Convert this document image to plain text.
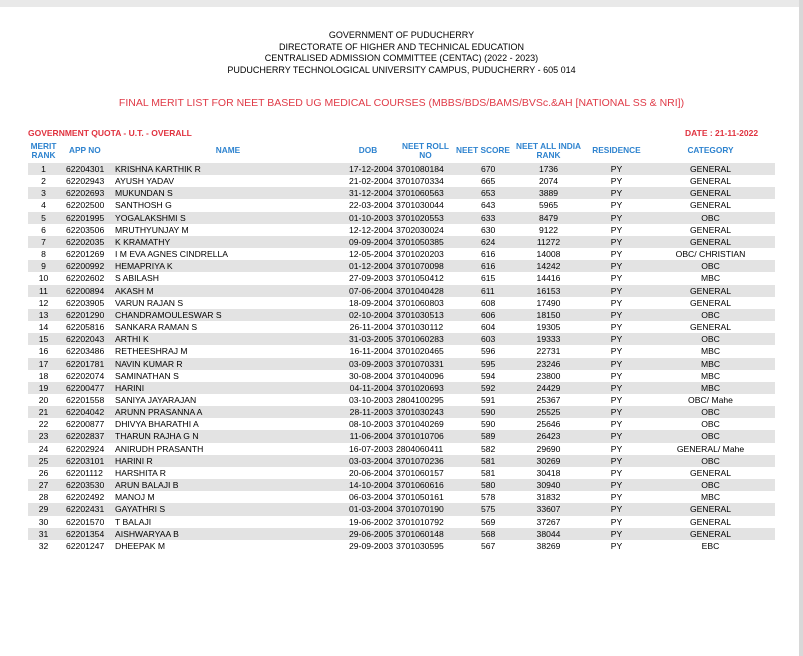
GOVERNMENT OF PUDUCHERRY
DIRECTORATE OF HIGHER AND TECHNICAL EDUCATION
CENTRALISED ADMISSION COMMITTEE (CENTAC) (2022 - 2023)
PUDUCHERRY TECHNOLOGICAL UNIVERSITY CAMPUS, PUDUCHERRY - 605 014
FINAL MERIT LIST FOR NEET BASED UG MEDICAL COURSES (MBBS/BDS/BAMS/BVSc.&AH [NATIONAL SS & NRI])
GOVERNMENT QUOTA - U.T. - OVERALL	DATE : 21-11-2022
MERIT RANK	APP NO	NAME	DOB	NEET ROLL NO	NEET SCORE	NEET ALL INDIA RANK	RESIDENCE	CATEGORY
1	62204301	KRISHNA KARTHIK R	17-12-2004	3701080184	670	1736	PY	GENERAL
2	62202943	AYUSH YADAV	21-02-2004	3701070334	665	2074	PY	GENERAL
3	62202693	MUKUNDAN S	31-12-2004	3701060563	653	3889	PY	GENERAL
4	62202500	SANTHOSH G	22-03-2004	3701030044	643	5965	PY	GENERAL
5	62201995	YOGALAKSHMI S	01-10-2003	3701020553	633	8479	PY	OBC
6	62203506	MRUTHYUNJAY M	12-12-2004	3702030024	630	9122	PY	GENERAL
7	62202035	K KRAMATHY	09-09-2004	3701050385	624	11272	PY	GENERAL
8	62201269	I M EVA AGNES CINDRELLA	12-05-2004	3701020203	616	14008	PY	OBC/ CHRISTIAN
9	62200992	HEMAPRIYA K	01-12-2004	3701070098	616	14242	PY	OBC
10	62202602	S ABILASH	27-09-2003	3701050412	615	14416	PY	MBC
11	62200894	AKASH M	07-06-2004	3701040428	611	16153	PY	GENERAL
12	62203905	VARUN RAJAN S	18-09-2004	3701060803	608	17490	PY	GENERAL
13	62201290	CHANDRAMOULESWAR S	02-10-2004	3701030513	606	18150	PY	OBC
14	62205816	SANKARA RAMAN S	26-11-2004	3701030112	604	19305	PY	GENERAL
15	62202043	ARTHI K	31-03-2005	3701060283	603	19333	PY	OBC
16	62203486	RETHEESHRAJ M	16-11-2004	3701020465	596	22731	PY	MBC
17	62201781	NAVIN KUMAR R	03-09-2003	3701070331	595	23246	PY	MBC
18	62202074	SAMINATHAN S	30-08-2004	3701040096	594	23800	PY	MBC
19	62200477	HARINI	04-11-2004	3701020693	592	24429	PY	MBC
20	62201558	SANIYA JAYARAJAN	03-10-2003	2804100295	591	25367	PY	OBC/ Mahe
21	62204042	ARUNN PRASANNA A	28-11-2003	3701030243	590	25525	PY	OBC
22	62200877	DHIVYA BHARATHI A	08-10-2003	3701040269	590	25646	PY	OBC
23	62202837	THARUN RAJHA G N	11-06-2004	3701010706	589	26423	PY	OBC
24	62202924	ANIRUDH PRASANTH	16-07-2003	2804060411	582	29690	PY	GENERAL/ Mahe
25	62203101	HARINI R	03-03-2004	3701070236	581	30269	PY	OBC
26	62201112	HARSHITA R	20-06-2004	3701060157	581	30418	PY	GENERAL
27	62203530	ARUN BALAJI B	14-10-2004	3701060616	580	30940	PY	OBC
28	62202492	MANOJ M	06-03-2004	3701050161	578	31832	PY	MBC
29	62202431	GAYATHRI S	01-03-2004	3701070190	575	33607	PY	GENERAL
30	62201570	T BALAJI	19-06-2002	3701010792	569	37267	PY	GENERAL
31	62201354	AISHWARYAA B	29-06-2005	3701060148	568	38044	PY	GENERAL
32	62201247	DHEEPAK M	29-09-2003	3701030595	567	38269	PY	EBC
